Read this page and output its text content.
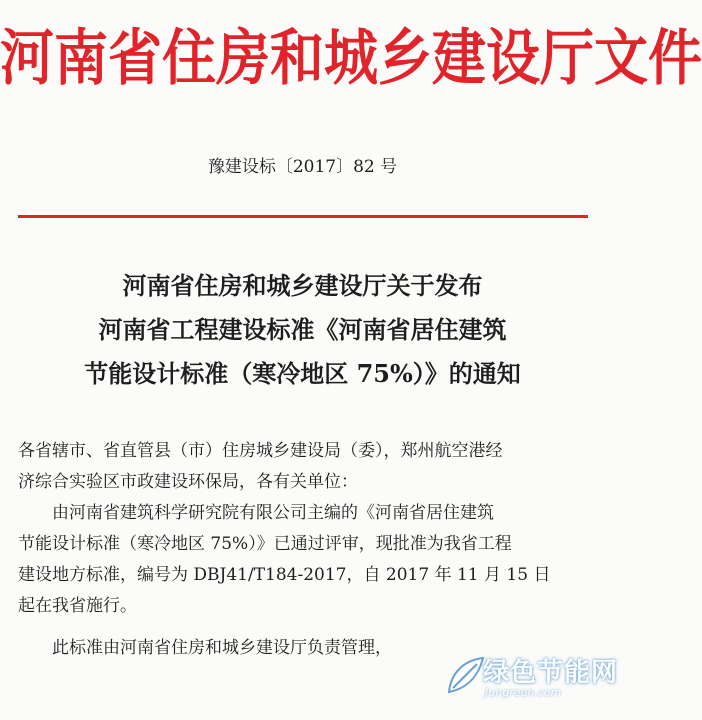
河南省住房和城乡建设厅文件
豫建设标〔2017〕82 号
河南省住房和城乡建设厅关于发布
河南省工程建设标准《河南省居住建筑
节能设计标准（寒冷地区 75%）》的通知

各省辖市、省直管县（市）住房城乡建设局（委），郑州航空港经

济综合实验区市政建设环保局，各有关单位：

由河南省建筑科学研究院有限公司主编的《河南省居住建筑

节能设计标准（寒冷地区 75%）》已通过评审，现批准为我省工程

建设地方标准，编号为 DBJ41/T184-2017，自 2017 年 11 月 15 日

起在我省施行。

此标准由河南省住房和城乡建设厅负责管理，

绿色节能网
Jungreen.com
